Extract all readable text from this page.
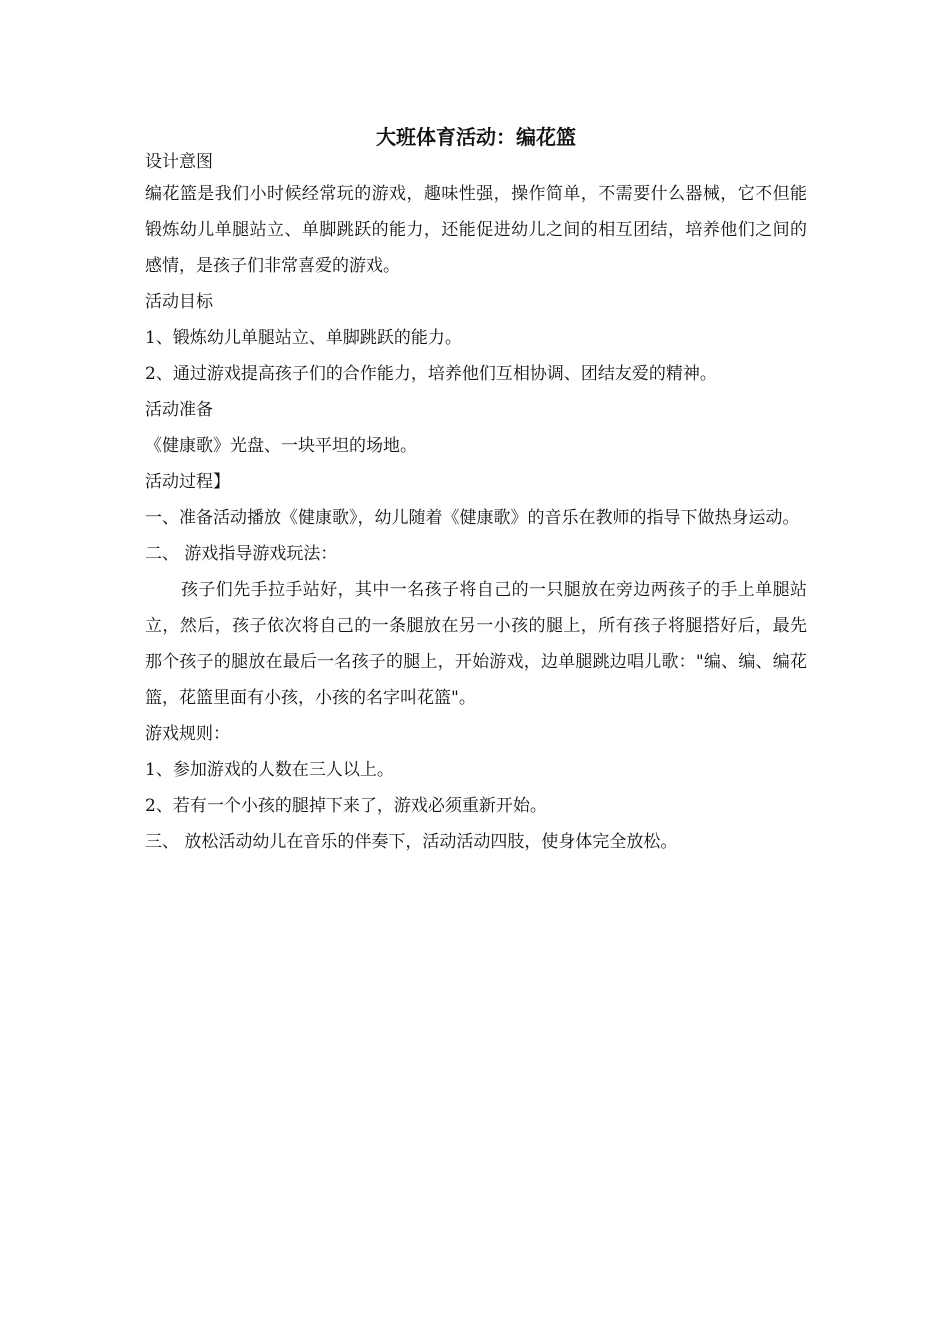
大班体育活动：编花篮

设计意图

编花篮是我们小时候经常玩的游戏，趣味性强，操作简单，不需要什么器械，它不但能锻炼幼儿单腿站立、单脚跳跃的能力，还能促进幼儿之间的相互团结，培养他们之间的感情，是孩子们非常喜爱的游戏。

活动目标

1、锻炼幼儿单腿站立、单脚跳跃的能力。

2、通过游戏提高孩子们的合作能力，培养他们互相协调、团结友爱的精神。

活动准备

《健康歌》光盘、一块平坦的场地。

活动过程】

一、准备活动播放《健康歌》，幼儿随着《健康歌》的音乐在教师的指导下做热身运动。

二、 游戏指导游戏玩法：

孩子们先手拉手站好，其中一名孩子将自己的一只腿放在旁边两孩子的手上单腿站立，然后，孩子依次将自己的一条腿放在另一小孩的腿上，所有孩子将腿搭好后，最先那个孩子的腿放在最后一名孩子的腿上，开始游戏，边单腿跳边唱儿歌："编、编、编花篮，花篮里面有小孩，小孩的名字叫花篮"。

游戏规则：

1、参加游戏的人数在三人以上。

2、若有一个小孩的腿掉下来了，游戏必须重新开始。

三、 放松活动幼儿在音乐的伴奏下，活动活动四肢，使身体完全放松。
